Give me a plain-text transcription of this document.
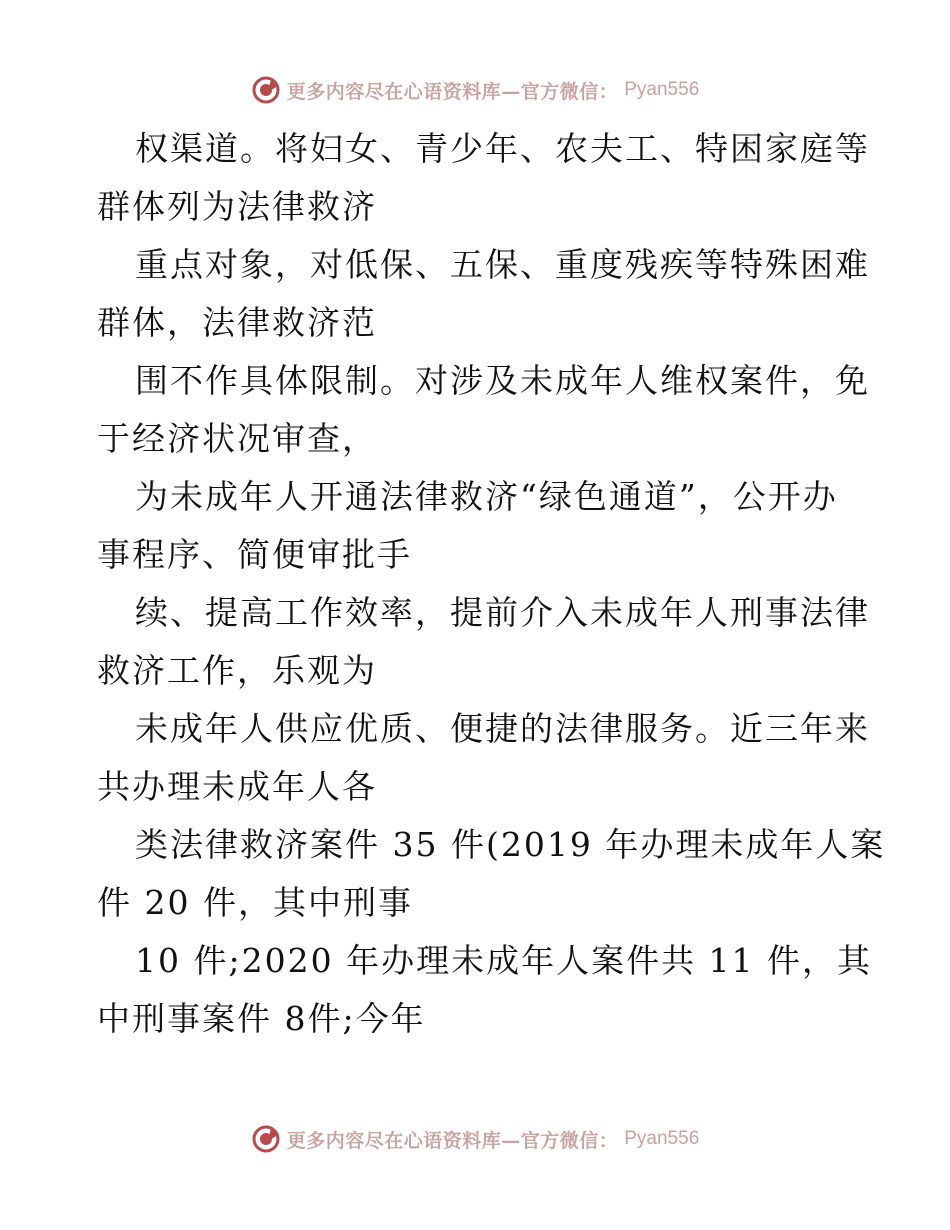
更多内容尽在心语资料库—官方微信： Pyan556
权渠道。将妇女、青少年、农夫工、特困家庭等
群体列为法律救济
重点对象，对低保、五保、重度残疾等特殊困难
群体，法律救济范
围不作具体限制。对涉及未成年人维权案件，免
于经济状况审查，
为未成年人开通法律救济“绿色通道”，公开办
事程序、简便审批手
续、提高工作效率，提前介入未成年人刑事法律
救济工作，乐观为
未成年人供应优质、便捷的法律服务。近三年来
共办理未成年人各
类法律救济案件 35 件(2019 年办理未成年人案
件 20 件，其中刑事
10 件;2020 年办理未成年人案件共 11 件，其
中刑事案件 8件;今年
更多内容尽在心语资料库—官方微信： Pyan556
